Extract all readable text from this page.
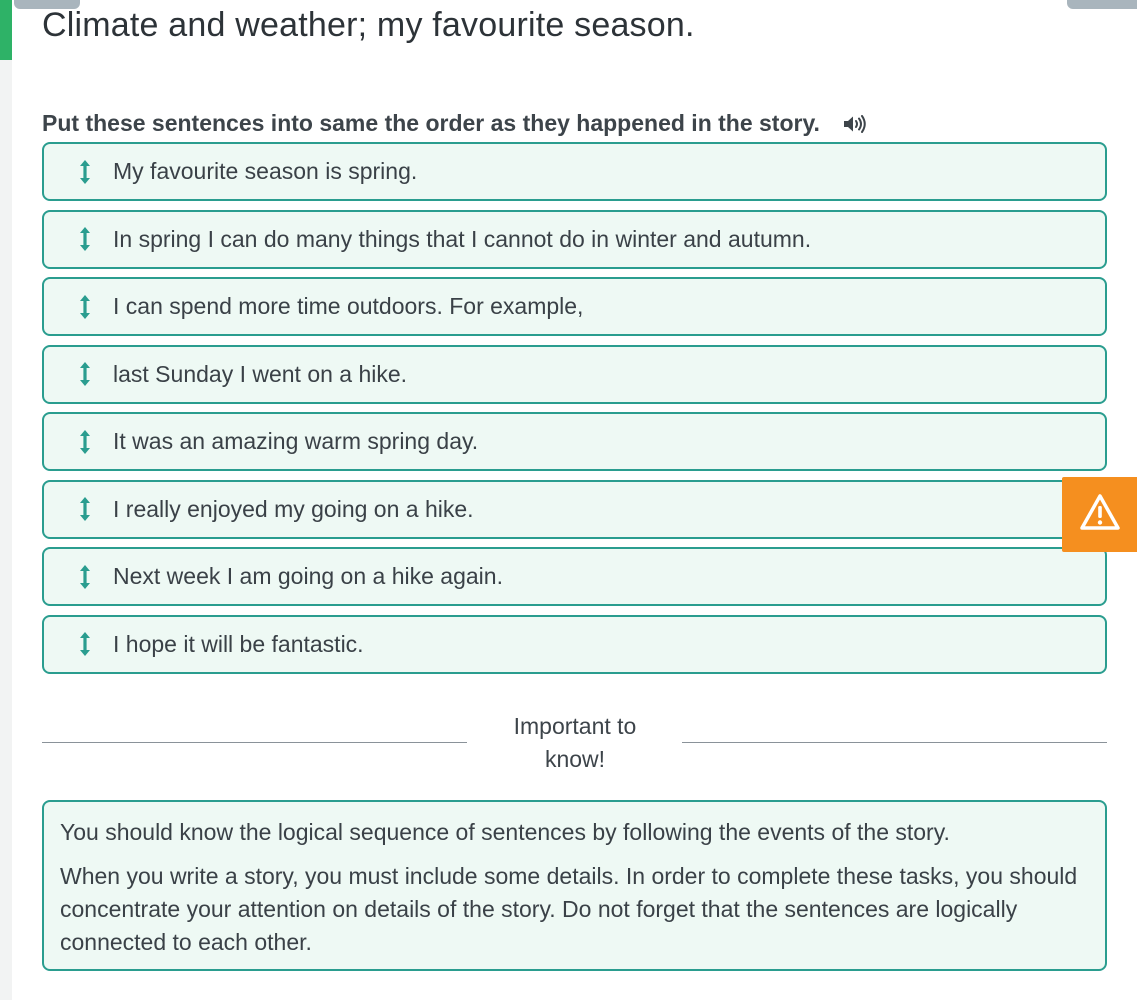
Climate and weather; my favourite season.
Put these sentences into same the order as they happened in the story.
My favourite season is spring.
In spring I can do many things that I cannot do in winter and autumn.
I can spend more time outdoors. For example,
last Sunday I went on a hike.
It was an amazing warm spring day.
I really enjoyed my going on a hike.
Next week I am going on a hike again.
I hope it will be fantastic.
Important to know!

You should know the logical sequence of sentences by following the events of the story.

When you write a story, you must include some details. In order to complete these tasks, you should concentrate your attention on details of the story. Do not forget that the sentences are logically connected to each other.
